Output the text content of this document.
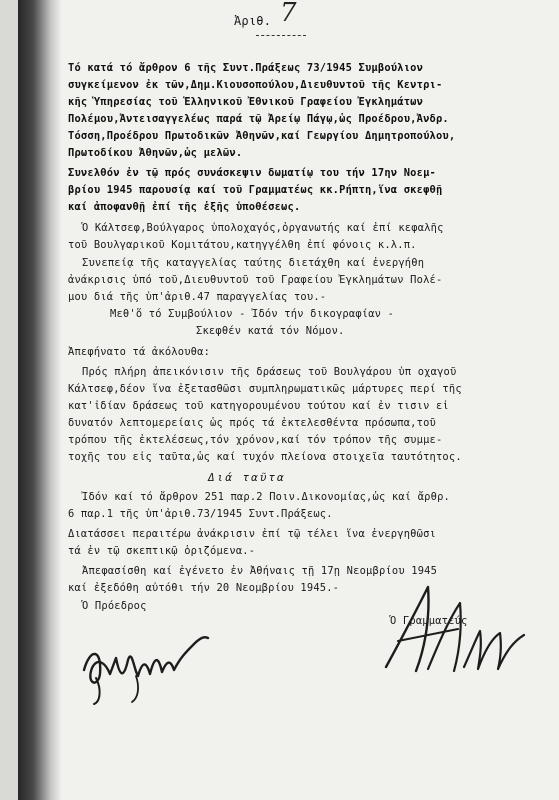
Ἀριθ. 7
Τό κατά τό ἄρθρον 6 τῆς Συντ.Πράξεως 73/1945 Συμβούλιον
συγκείμενον ἐκ τῶν,Δημ.Κιουσοπούλου,Διευθυντοῦ τῆς Κεντρι-
κῆς Ὑπηρεσίας τοῦ Ἑλληνικοῦ Ἐθνικοῦ Γραφείου Ἐγκλημάτων
Πολέμου,Ἀντεισαγγελέως παρά τῷ Ἀρείῳ Πάγῳ,ὡς Προέδρου,Ἀνδρ.
Τόσση,Προέδρου Πρωτοδικῶν Ἀθηνῶν,καί Γεωργίου Δημητροπούλου,
Πρωτοδίκου Ἀθηνῶν,ὡς μελῶν.
Συνελθόν ἐν τῷ πρός συνάσκεψιν δωματίῳ του τήν 17ην Νοεμ-
βρίου 1945 παρουσίᾳ καί τοῦ Γραμματέως κκ.Ρήπτη,ἵνα σκεφθῇ
καί ἀποφανθῇ ἐπί τῆς ἑξῆς ὑποθέσεως.
Ὁ Κάλτσεφ,Βούλγαρος ὑπολοχαγός,ὀργανωτής καί ἐπί κεφαλῆς
τοῦ Βουλγαρικοῦ Κομιτάτου,κατηγγέλθη ἐπί φόνοις κ.λ.π.
Συνεπείᾳ τῆς καταγγελίας ταύτης διετάχθη καί ἐνεργήθη
ἀνάκρισις ὑπό τοῦ,Διευθυντοῦ τοῦ Γραφείου Ἐγκλημάτων Πολέ-
μου διά τῆς ὑπ'ἀριθ.47 παραγγελίας του.-
Μεθ'ὅ τό Συμβούλιον - Ἰδόν τήν δικογραφίαν -
Σκεφθέν κατά τόν Νόμον.
Ἀπεφήνατο τά ἀκόλουθα:
Πρός πλήρη ἀπεικόνισιν τῆς δράσεως τοῦ Βουλγάρου ὑπ οχαγοῦ
Κάλτσεφ,δέον ἵνα ἐξετασθῶσι συμπληρωματικῶς μάρτυρες περί τῆς
κατ'ἰδίαν δράσεως τοῦ κατηγορουμένου τούτου καί ἐν τισιν εἰ
δυνατόν λεπτομερείαις ὡς πρός τά ἐκτελεσθέντα πρόσωπα,τοῦ
τρόπου τῆς ἐκτελέσεως,τόν χρόνον,καί τόν τρόπον τῆς συμμε-
τοχῆς του εἰς ταῦτα,ὡς καί τυχόν πλείονα στοιχεῖα ταυτότητος.
Διά ταῦτα
Ἰδόν καί τό ἄρθρον 251 παρ.2 Ποιν.Δικονομίας,ὡς καί ἄρθρ.
6 παρ.1 τῆς ὑπ'ἀριθ.73/1945 Συντ.Πράξεως.
Διατάσσει περαιτέρω ἀνάκρισιν ἐπί τῷ τέλει ἵνα ἐνεργηθῶσι
τά ἐν τῷ σκεπτικῷ ὁριζόμενα.-
Ἀπεφασίσθη καί ἐγένετο ἐν Ἀθήναις τῇ 17ῃ Νεομβρίου 1945
καί ἐξεδόθη αὐτόθι τήν 20 Νεομβρίου 1945.-
Ὁ Πρόεδρος
Ὁ Γραμματεύς
